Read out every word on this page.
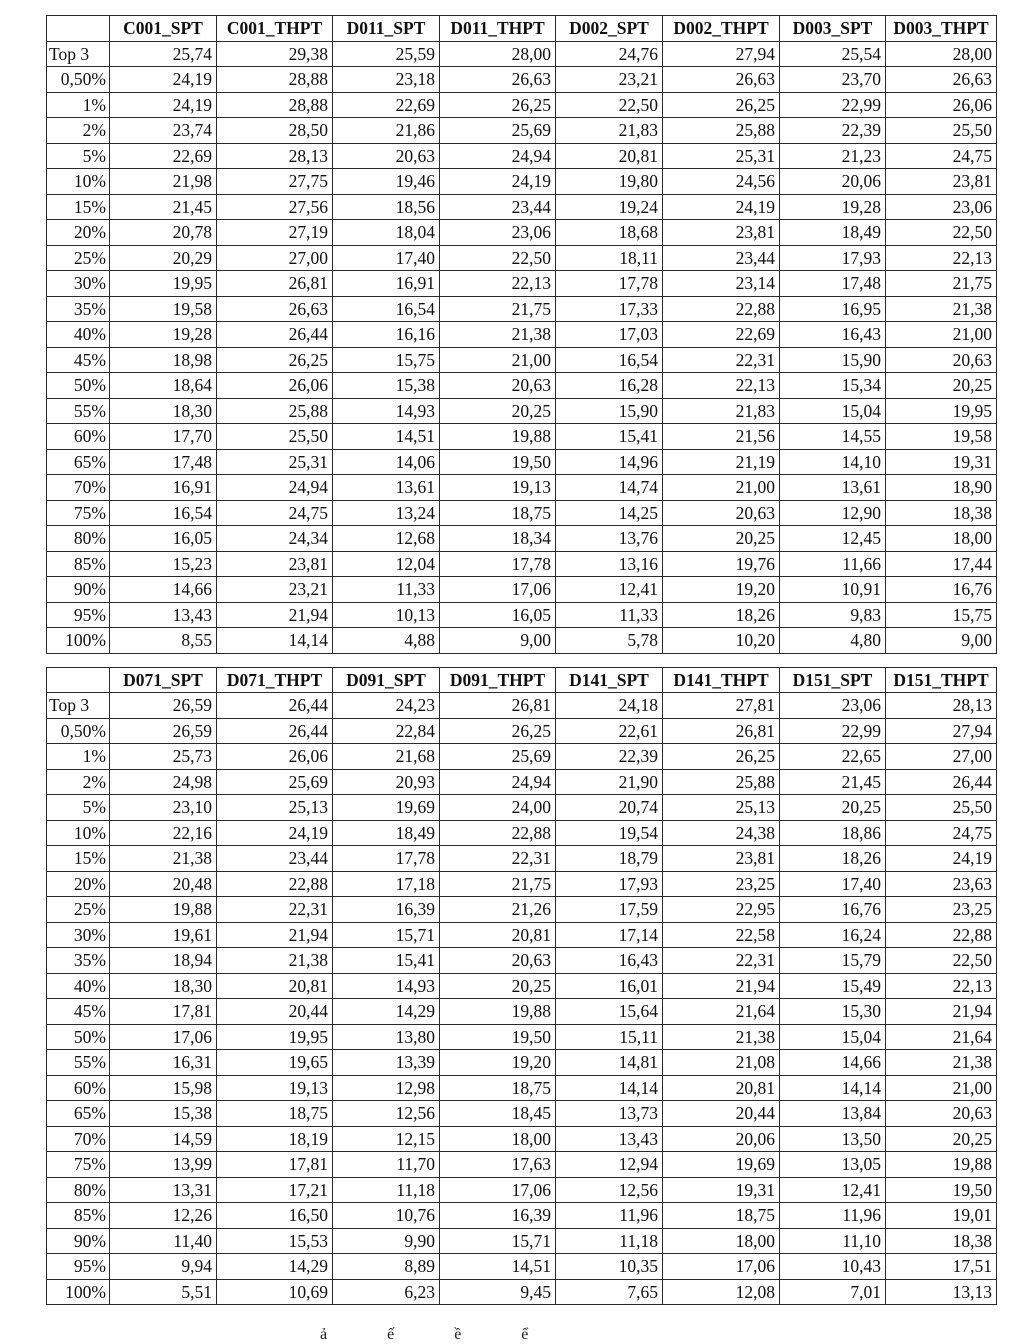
	C001_SPT	C001_THPT	D011_SPT	D011_THPT	D002_SPT	D002_THPT	D003_SPT	D003_THPT
Top 3	25,74	29,38	25,59	28,00	24,76	27,94	25,54	28,00
0,50%	24,19	28,88	23,18	26,63	23,21	26,63	23,70	26,63
1%	24,19	28,88	22,69	26,25	22,50	26,25	22,99	26,06
2%	23,74	28,50	21,86	25,69	21,83	25,88	22,39	25,50
5%	22,69	28,13	20,63	24,94	20,81	25,31	21,23	24,75
10%	21,98	27,75	19,46	24,19	19,80	24,56	20,06	23,81
15%	21,45	27,56	18,56	23,44	19,24	24,19	19,28	23,06
20%	20,78	27,19	18,04	23,06	18,68	23,81	18,49	22,50
25%	20,29	27,00	17,40	22,50	18,11	23,44	17,93	22,13
30%	19,95	26,81	16,91	22,13	17,78	23,14	17,48	21,75
35%	19,58	26,63	16,54	21,75	17,33	22,88	16,95	21,38
40%	19,28	26,44	16,16	21,38	17,03	22,69	16,43	21,00
45%	18,98	26,25	15,75	21,00	16,54	22,31	15,90	20,63
50%	18,64	26,06	15,38	20,63	16,28	22,13	15,34	20,25
55%	18,30	25,88	14,93	20,25	15,90	21,83	15,04	19,95
60%	17,70	25,50	14,51	19,88	15,41	21,56	14,55	19,58
65%	17,48	25,31	14,06	19,50	14,96	21,19	14,10	19,31
70%	16,91	24,94	13,61	19,13	14,74	21,00	13,61	18,90
75%	16,54	24,75	13,24	18,75	14,25	20,63	12,90	18,38
80%	16,05	24,34	12,68	18,34	13,76	20,25	12,45	18,00
85%	15,23	23,81	12,04	17,78	13,16	19,76	11,66	17,44
90%	14,66	23,21	11,33	17,06	12,41	19,20	10,91	16,76
95%	13,43	21,94	10,13	16,05	11,33	18,26	9,83	15,75
100%	8,55	14,14	4,88	9,00	5,78	10,20	4,80	9,00
	D071_SPT	D071_THPT	D091_SPT	D091_THPT	D141_SPT	D141_THPT	D151_SPT	D151_THPT
Top 3	26,59	26,44	24,23	26,81	24,18	27,81	23,06	28,13
0,50%	26,59	26,44	22,84	26,25	22,61	26,81	22,99	27,94
1%	25,73	26,06	21,68	25,69	22,39	26,25	22,65	27,00
2%	24,98	25,69	20,93	24,94	21,90	25,88	21,45	26,44
5%	23,10	25,13	19,69	24,00	20,74	25,13	20,25	25,50
10%	22,16	24,19	18,49	22,88	19,54	24,38	18,86	24,75
15%	21,38	23,44	17,78	22,31	18,79	23,81	18,26	24,19
20%	20,48	22,88	17,18	21,75	17,93	23,25	17,40	23,63
25%	19,88	22,31	16,39	21,26	17,59	22,95	16,76	23,25
30%	19,61	21,94	15,71	20,81	17,14	22,58	16,24	22,88
35%	18,94	21,38	15,41	20,63	16,43	22,31	15,79	22,50
40%	18,30	20,81	14,93	20,25	16,01	21,94	15,49	22,13
45%	17,81	20,44	14,29	19,88	15,64	21,64	15,30	21,94
50%	17,06	19,95	13,80	19,50	15,11	21,38	15,04	21,64
55%	16,31	19,65	13,39	19,20	14,81	21,08	14,66	21,38
60%	15,98	19,13	12,98	18,75	14,14	20,81	14,14	21,00
65%	15,38	18,75	12,56	18,45	13,73	20,44	13,84	20,63
70%	14,59	18,19	12,15	18,00	13,43	20,06	13,50	20,25
75%	13,99	17,81	11,70	17,63	12,94	19,69	13,05	19,88
80%	13,31	17,21	11,18	17,06	12,56	19,31	12,41	19,50
85%	12,26	16,50	10,76	16,39	11,96	18,75	11,96	19,01
90%	11,40	15,53	9,90	15,71	11,18	18,00	11,10	18,38
95%	9,94	14,29	8,89	14,51	10,35	17,06	10,43	17,51
100%	5,51	10,69	6,23	9,45	7,65	12,08	7,01	13,13
ả ế ề ể
